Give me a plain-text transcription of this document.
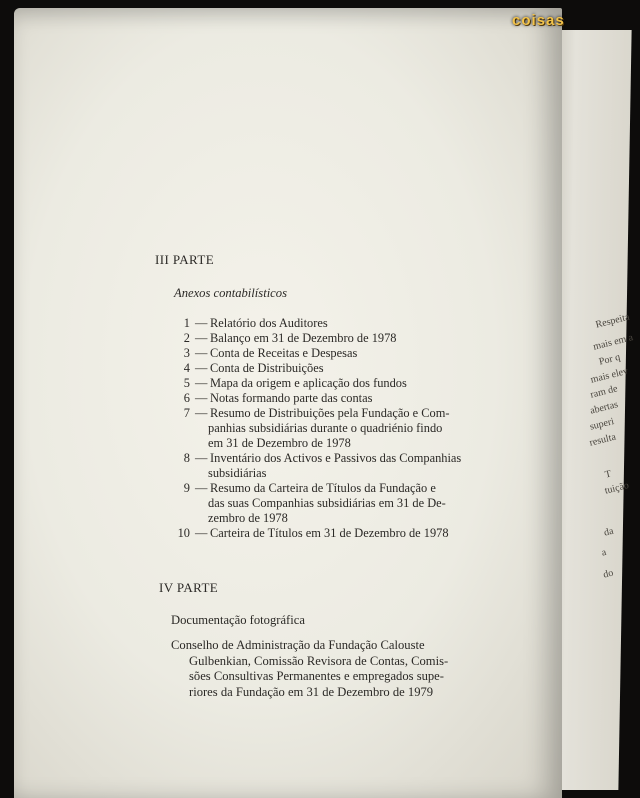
Respeita
mais em a
Por q
mais elev
ram de
abertas
superi
resulta
T
tuição
da
a
do
III PARTE
Anexos contabilísticos
1 — Relatório dos Auditores
2 — Balanço em 31 de Dezembro de 1978
3 — Conta de Receitas e Despesas
4 — Conta de Distribuições
5 — Mapa da origem e aplicação dos fundos
6 — Notas formando parte das contas
7 — Resumo de Distribuições pela Fundação e Com-
panhias subsidiárias durante o quadriénio findo
em 31 de Dezembro de 1978
8 — Inventário dos Activos e Passivos das Companhias
subsidiárias
9 — Resumo da Carteira de Títulos da Fundação e
das suas Companhias subsidiárias em 31 de De-
zembro de 1978
10 — Carteira de Títulos em 31 de Dezembro de 1978
IV PARTE
Documentação fotográfica
Conselho de Administração da Fundação Calouste
Gulbenkian, Comissão Revisora de Contas, Comis-
sões Consultivas Permanentes e empregados supe-
riores da Fundação em 31 de Dezembro de 1979
coisas
